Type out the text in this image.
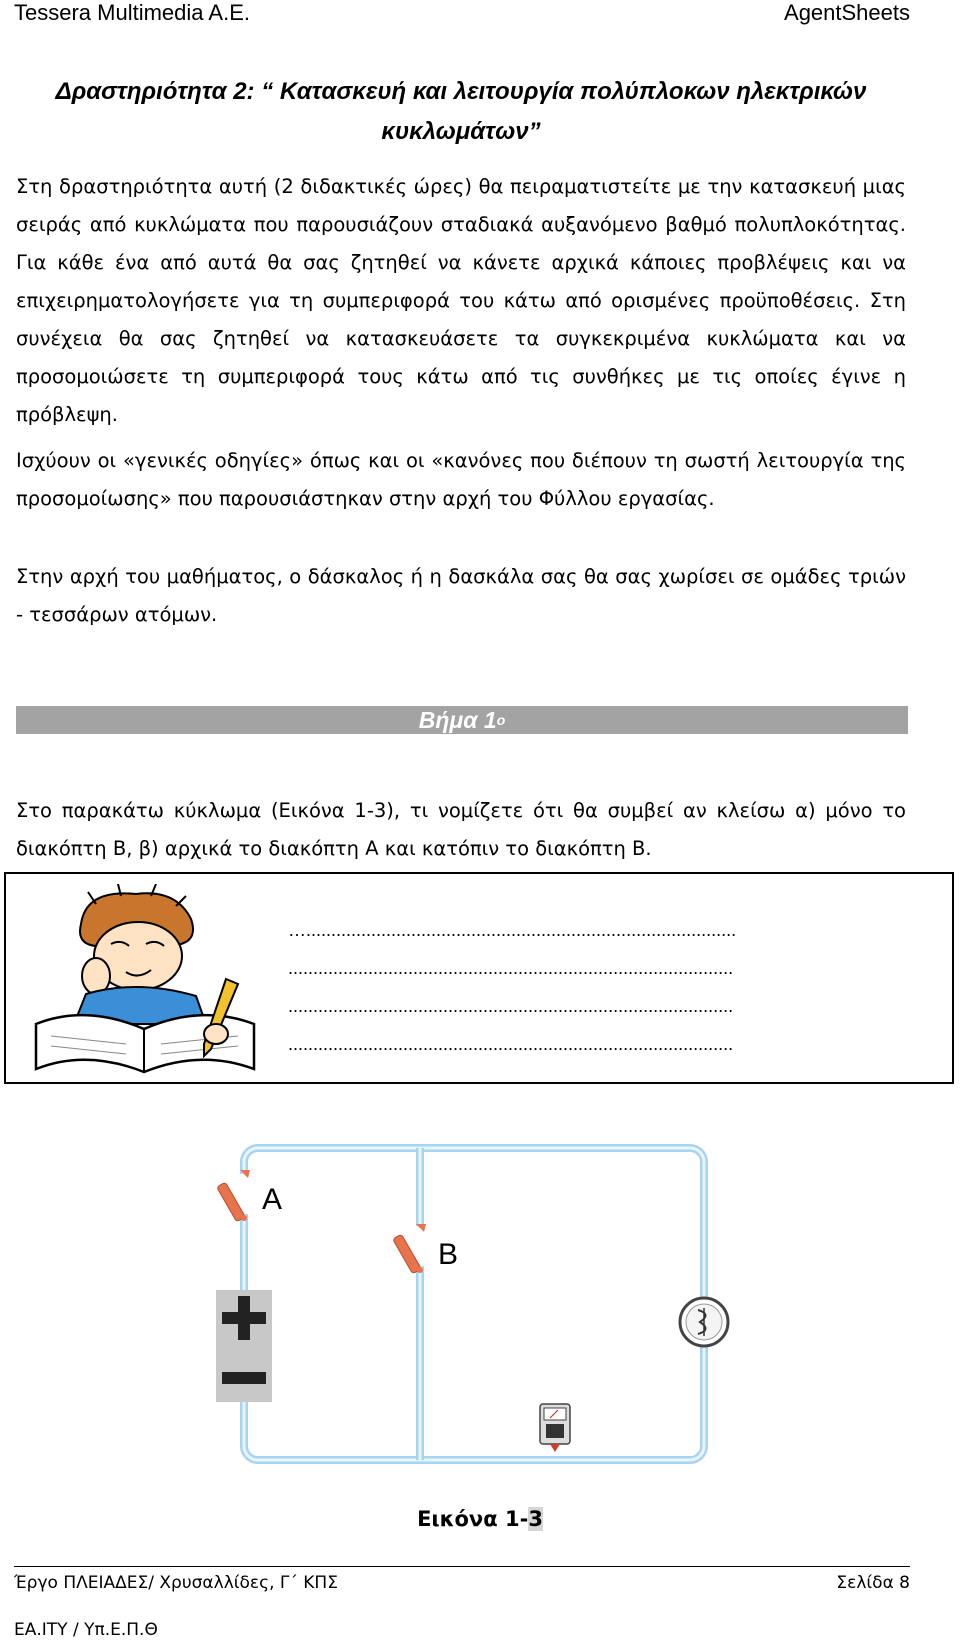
Tessera Multimedia A.E.	AgentSheets
Δραστηριότητα 2: “ Κατασκευή και λειτουργία πολύπλοκων ηλεκτρικών
κυκλωμάτων”
Στη δραστηριότητα αυτή (2 διδακτικές ώρες) θα πειραματιστείτε με την κατασκευή μιας σειράς από κυκλώματα που παρουσιάζουν σταδιακά αυξανόμενο βαθμό πολυπλοκότητας. Για κάθε ένα από αυτά θα σας ζητηθεί να κάνετε αρχικά κάποιες προβλέψεις και να επιχειρηματολογήσετε για τη συμπεριφορά του κάτω από ορισμένες προϋποθέσεις. Στη συνέχεια θα σας ζητηθεί να κατασκευάσετε τα συγκεκριμένα κυκλώματα και να προσομοιώσετε τη συμπεριφορά τους κάτω από τις συνθήκες με τις οποίες έγινε η πρόβλεψη.
Ισχύουν οι «γενικές οδηγίες» όπως και οι «κανόνες που διέπουν τη σωστή λειτουργία της προσομοίωσης» που παρουσιάστηκαν στην αρχή του Φύλλου εργασίας.
Στην αρχή του μαθήματος, ο δάσκαλος ή η δασκάλα σας θα σας χωρίσει σε ομάδες τριών - τεσσάρων ατόμων.
Βήμα 1ο
Στο παρακάτω κύκλωμα (Εικόνα 1-3), τι νομίζετε ότι θα συμβεί αν κλείσω α) μόνο το διακόπτη Β, β) αρχικά το διακόπτη Α και κατόπιν το διακόπτη Β.
…......................................................................................
.........................................................................................
.........................................................................................
.........................................................................................
A
B
Εικόνα 1-3
Έργο ΠΛΕΙΑΔΕΣ/ Χρυσαλλίδες, Γ΄ ΚΠΣ	Σελίδα 8
ΕΑ.ΙΤΥ / Υπ.Ε.Π.Θ
